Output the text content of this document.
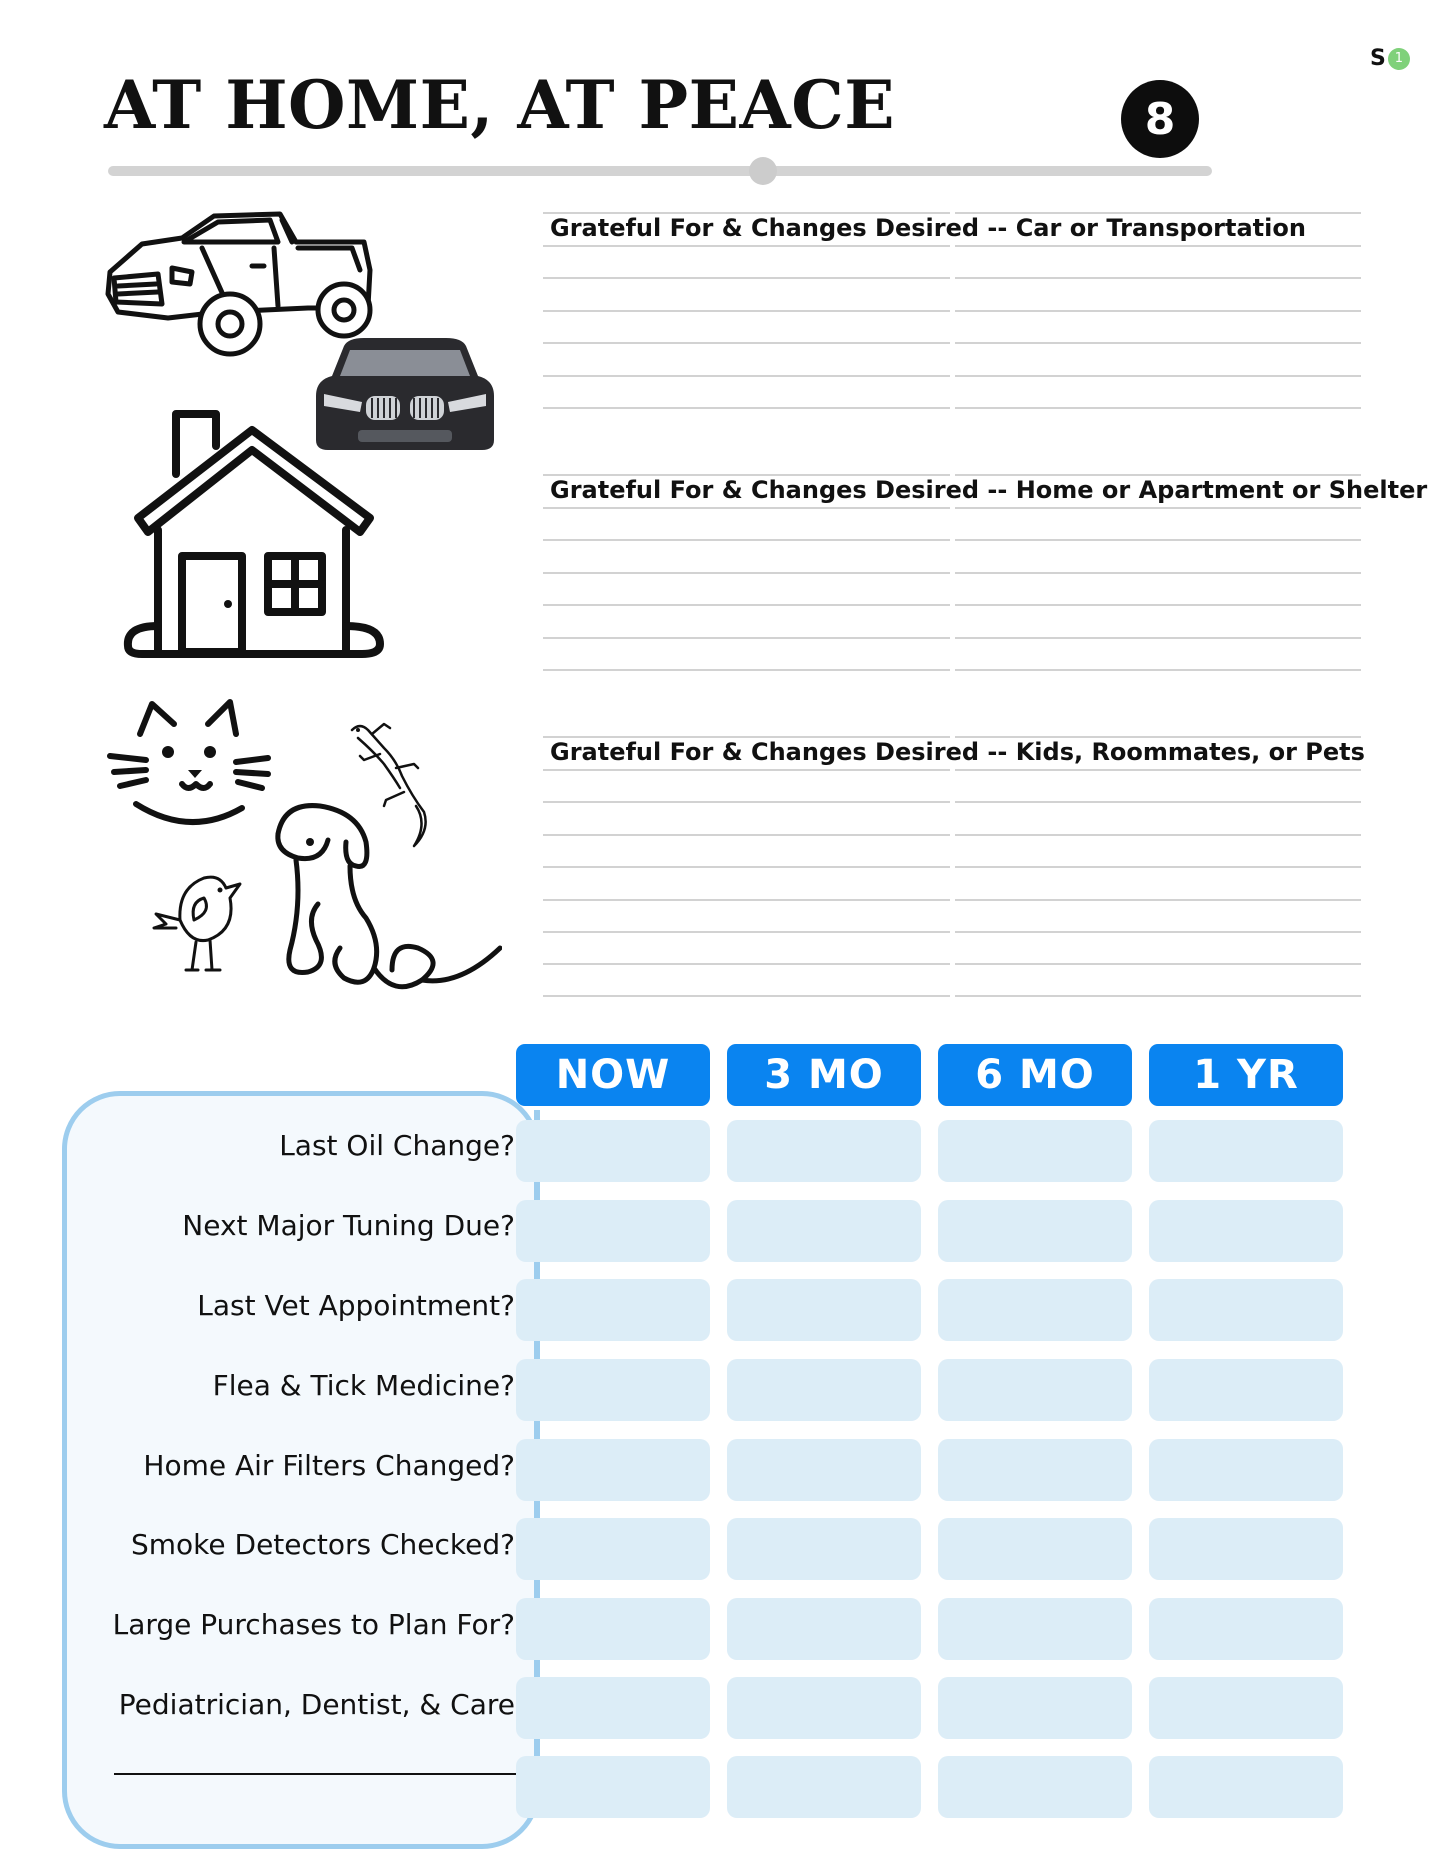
AT HOME, AT PEACE	8
S 1
Grateful For & Changes Desired -- Car or Transportation
Grateful For & Changes Desired -- Home or Apartment or Shelter
Grateful For & Changes Desired -- Kids, Roommates, or Pets
NOW	3 MO	6 MO	1 YR
Last Oil Change?
Next Major Tuning Due?
Last Vet Appointment?
Flea & Tick Medicine?
Home Air Filters Changed?
Smoke Detectors Checked?
Large Purchases to Plan For?
Pediatrician, Dentist, & Care
